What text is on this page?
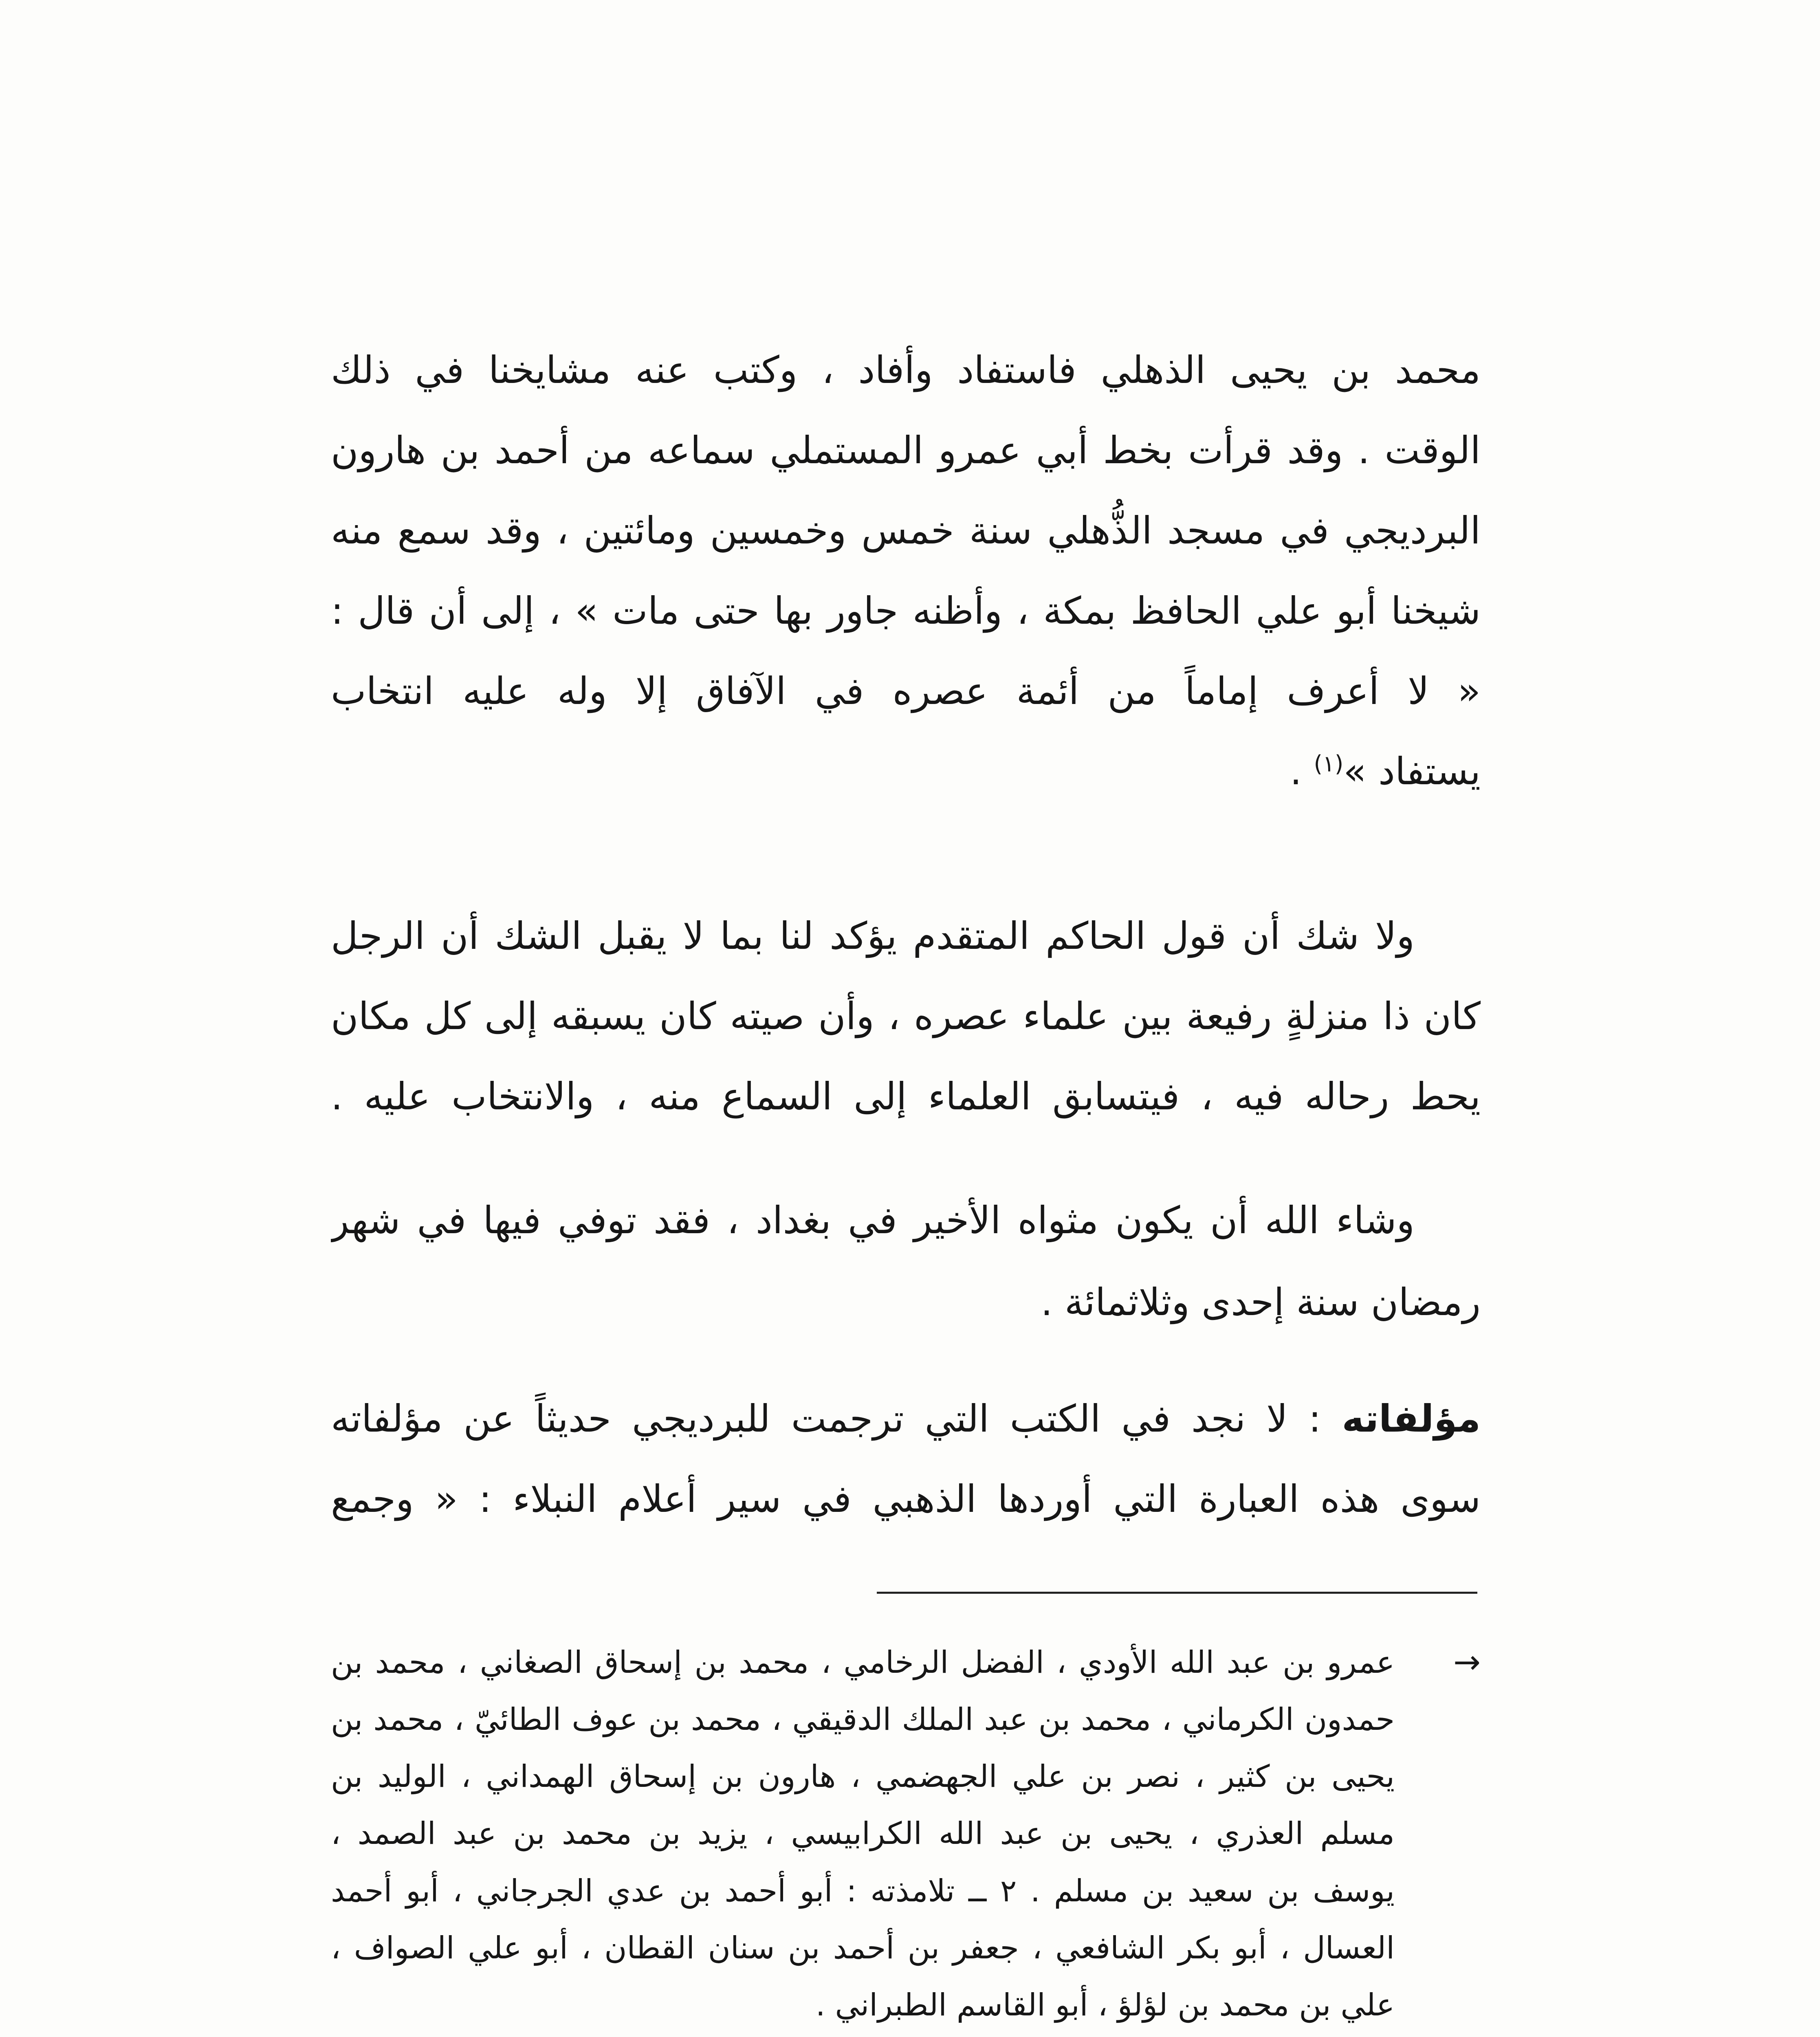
محمد بن يحيى الذهلي فاستفاد وأفاد ، وكتب عنه مشايخنا في ذلك
الوقت . وقد قرأت بخط أبي عمرو المستملي سماعه من أحمد بن هارون
البرديجي في مسجد الذُّهلي سنة خمس وخمسين ومائتين ، وقد سمع منه
شيخنا أبو علي الحافظ بمكة ، وأظنه جاور بها حتى مات » ، إلى أن قال :
« لا أعرف إماماً من أئمة عصره في الآفاق إلا وله عليه انتخاب
يستفاد »$^{(١)}$ .
ولا شك أن قول الحاكم المتقدم يؤكد لنا بما لا يقبل الشك أن الرجل
كان ذا منزلةٍ رفيعة بين علماء عصره ، وأن صيته كان يسبقه إلى كل مكان
يحط رحاله فيه ، فيتسابق العلماء إلى السماع منه ، والانتخاب عليه .
وشاء الله أن يكون مثواه الأخير في بغداد ، فقد توفي فيها في شهر
رمضان سنة إحدى وثلاثمائة .
مؤلفاته : لا نجد في الكتب التي ترجمت للبرديجي حديثاً عن مؤلفاته
سوى هذه العبارة التي أوردها الذهبي في سير أعلام النبلاء : « وجمع
→
عمرو بن عبد الله الأودي ، الفضل الرخامي ، محمد بن إسحاق الصغاني ، محمد بن
حمدون الكرماني ، محمد بن عبد الملك الدقيقي ، محمد بن عوف الطائيّ ، محمد بن
يحيى بن كثير ، نصر بن علي الجهضمي ، هارون بن إسحاق الهمداني ، الوليد بن
مسلم العذري ، يحيى بن عبد الله الكرابيسي ، يزيد بن محمد بن عبد الصمد ،
يوسف بن سعيد بن مسلم . ٢ ــ تلامذته : أبو أحمد بن عدي الجرجاني ، أبو أحمد
العسال ، أبو بكر الشافعي ، جعفر بن أحمد بن سنان القطان ، أبو علي الصواف ،
علي بن محمد بن لؤلؤ ، أبو القاسم الطبراني .
